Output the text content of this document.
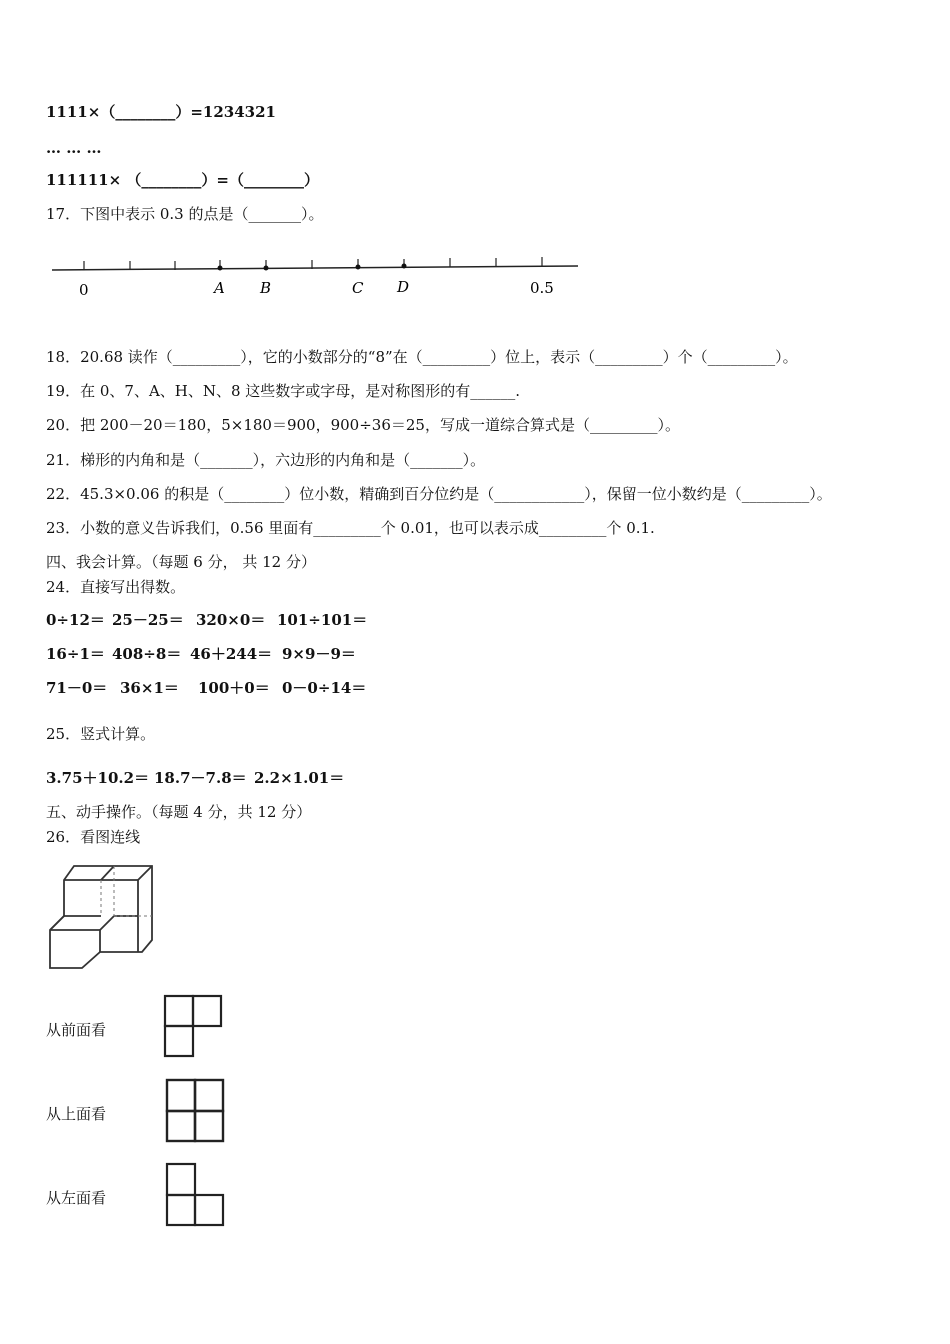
1111×（________）=1234321
… … …
111111× （________）=（________）
17．下图中表示 0.3 的点是（_______）。
0	A B	C D	0.5
18．20.68 读作（_________），它的小数部分的“8”在（_________）位上，表示（_________）个（_________）。
19．在 0、7、A、H、N、8 这些数字或字母，是对称图形的有______.
20．把 200－20＝180，5×180＝900，900÷36＝25，写成一道综合算式是（_________）。
21．梯形的内角和是（_______），六边形的内角和是（_______）。
22．45.3×0.06 的积是（________）位小数，精确到百分位约是（____________），保留一位小数约是（_________）。
23．小数的意义告诉我们，0.56 里面有_________个 0.01，也可以表示成_________个 0.1.
四、我会计算。（每题 6 分， 共 12 分）
24．直接写出得数。
0÷12＝ 25－25＝ 320×0＝ 101÷101＝
16÷1＝ 408÷8＝ 46＋244＝ 9×9－9＝
71－0＝ 36×1＝ 100＋0＝ 0－0÷14＝
25．竖式计算。
3.75＋10.2＝ 18.7－7.8＝ 2.2×1.01＝
五、动手操作。（每题 4 分，共 12 分）
26．看图连线
从前面看
从上面看
从左面看
